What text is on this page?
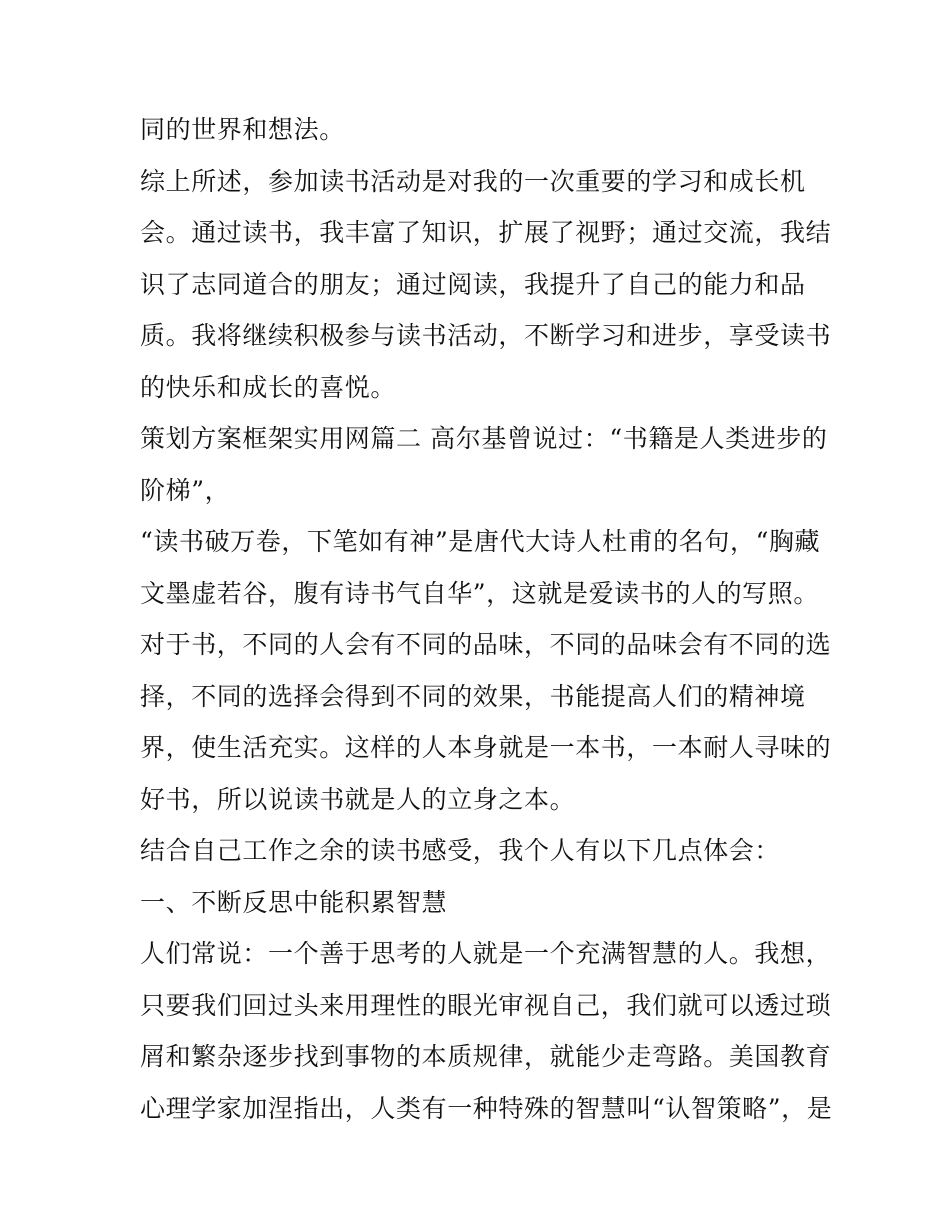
同的世界和想法。
综上所述，参加读书活动是对我的一次重要的学习和成长机
会。通过读书，我丰富了知识，扩展了视野；通过交流，我结
识了志同道合的朋友；通过阅读，我提升了自己的能力和品
质。我将继续积极参与读书活动，不断学习和进步，享受读书
的快乐和成长的喜悦。
策划方案框架实用网篇二 高尔基曾说过：“书籍是人类进步的
阶梯”，
“读书破万卷，下笔如有神”是唐代大诗人杜甫的名句，“胸藏
文墨虚若谷，腹有诗书气自华”，这就是爱读书的人的写照。
对于书，不同的人会有不同的品味，不同的品味会有不同的选
择，不同的选择会得到不同的效果，书能提高人们的精神境
界，使生活充实。这样的人本身就是一本书，一本耐人寻味的
好书，所以说读书就是人的立身之本。
结合自己工作之余的读书感受，我个人有以下几点体会：
一、不断反思中能积累智慧
人们常说：一个善于思考的人就是一个充满智慧的人。我想，
只要我们回过头来用理性的眼光审视自己，我们就可以透过琐
屑和繁杂逐步找到事物的本质规律，就能少走弯路。美国教育
心理学家加涅指出，人类有一种特殊的智慧叫“认智策略”，是
